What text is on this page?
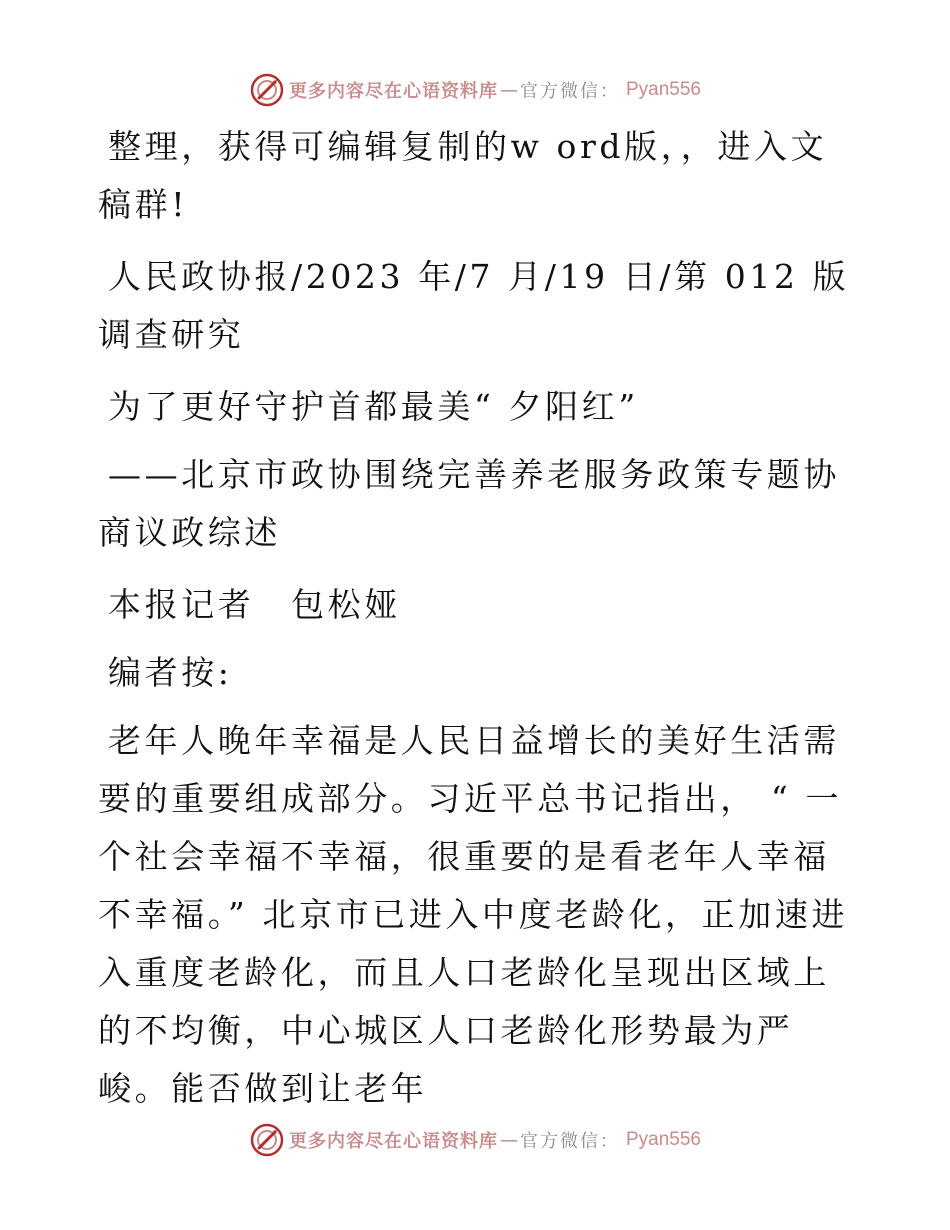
更多内容尽在心语资料库 — 官方微信： Pyan556

整理，获得可编辑复制的w ord版，，进入文稿群!

人民政协报/2023 年/7 月/19 日/第 012 版调查研究

为了更好守护首都最美“ 夕阳红”

——北京市政协围绕完善养老服务政策专题协商议政综述

本报记者　包松娅

编者按:

老年人晚年幸福是人民日益增长的美好生活需要的重要组成部分。习近平总书记指出， “ 一个社会幸福不幸福，很重要的是看老年人幸福不幸福。” 北京市已进入中度老龄化，正加速进入重度老龄化，而且人口老龄化呈现出区域上的不均衡，中心城区人口老龄化形势最为严峻。能否做到让老年

更多内容尽在心语资料库 — 官方微信： Pyan556
